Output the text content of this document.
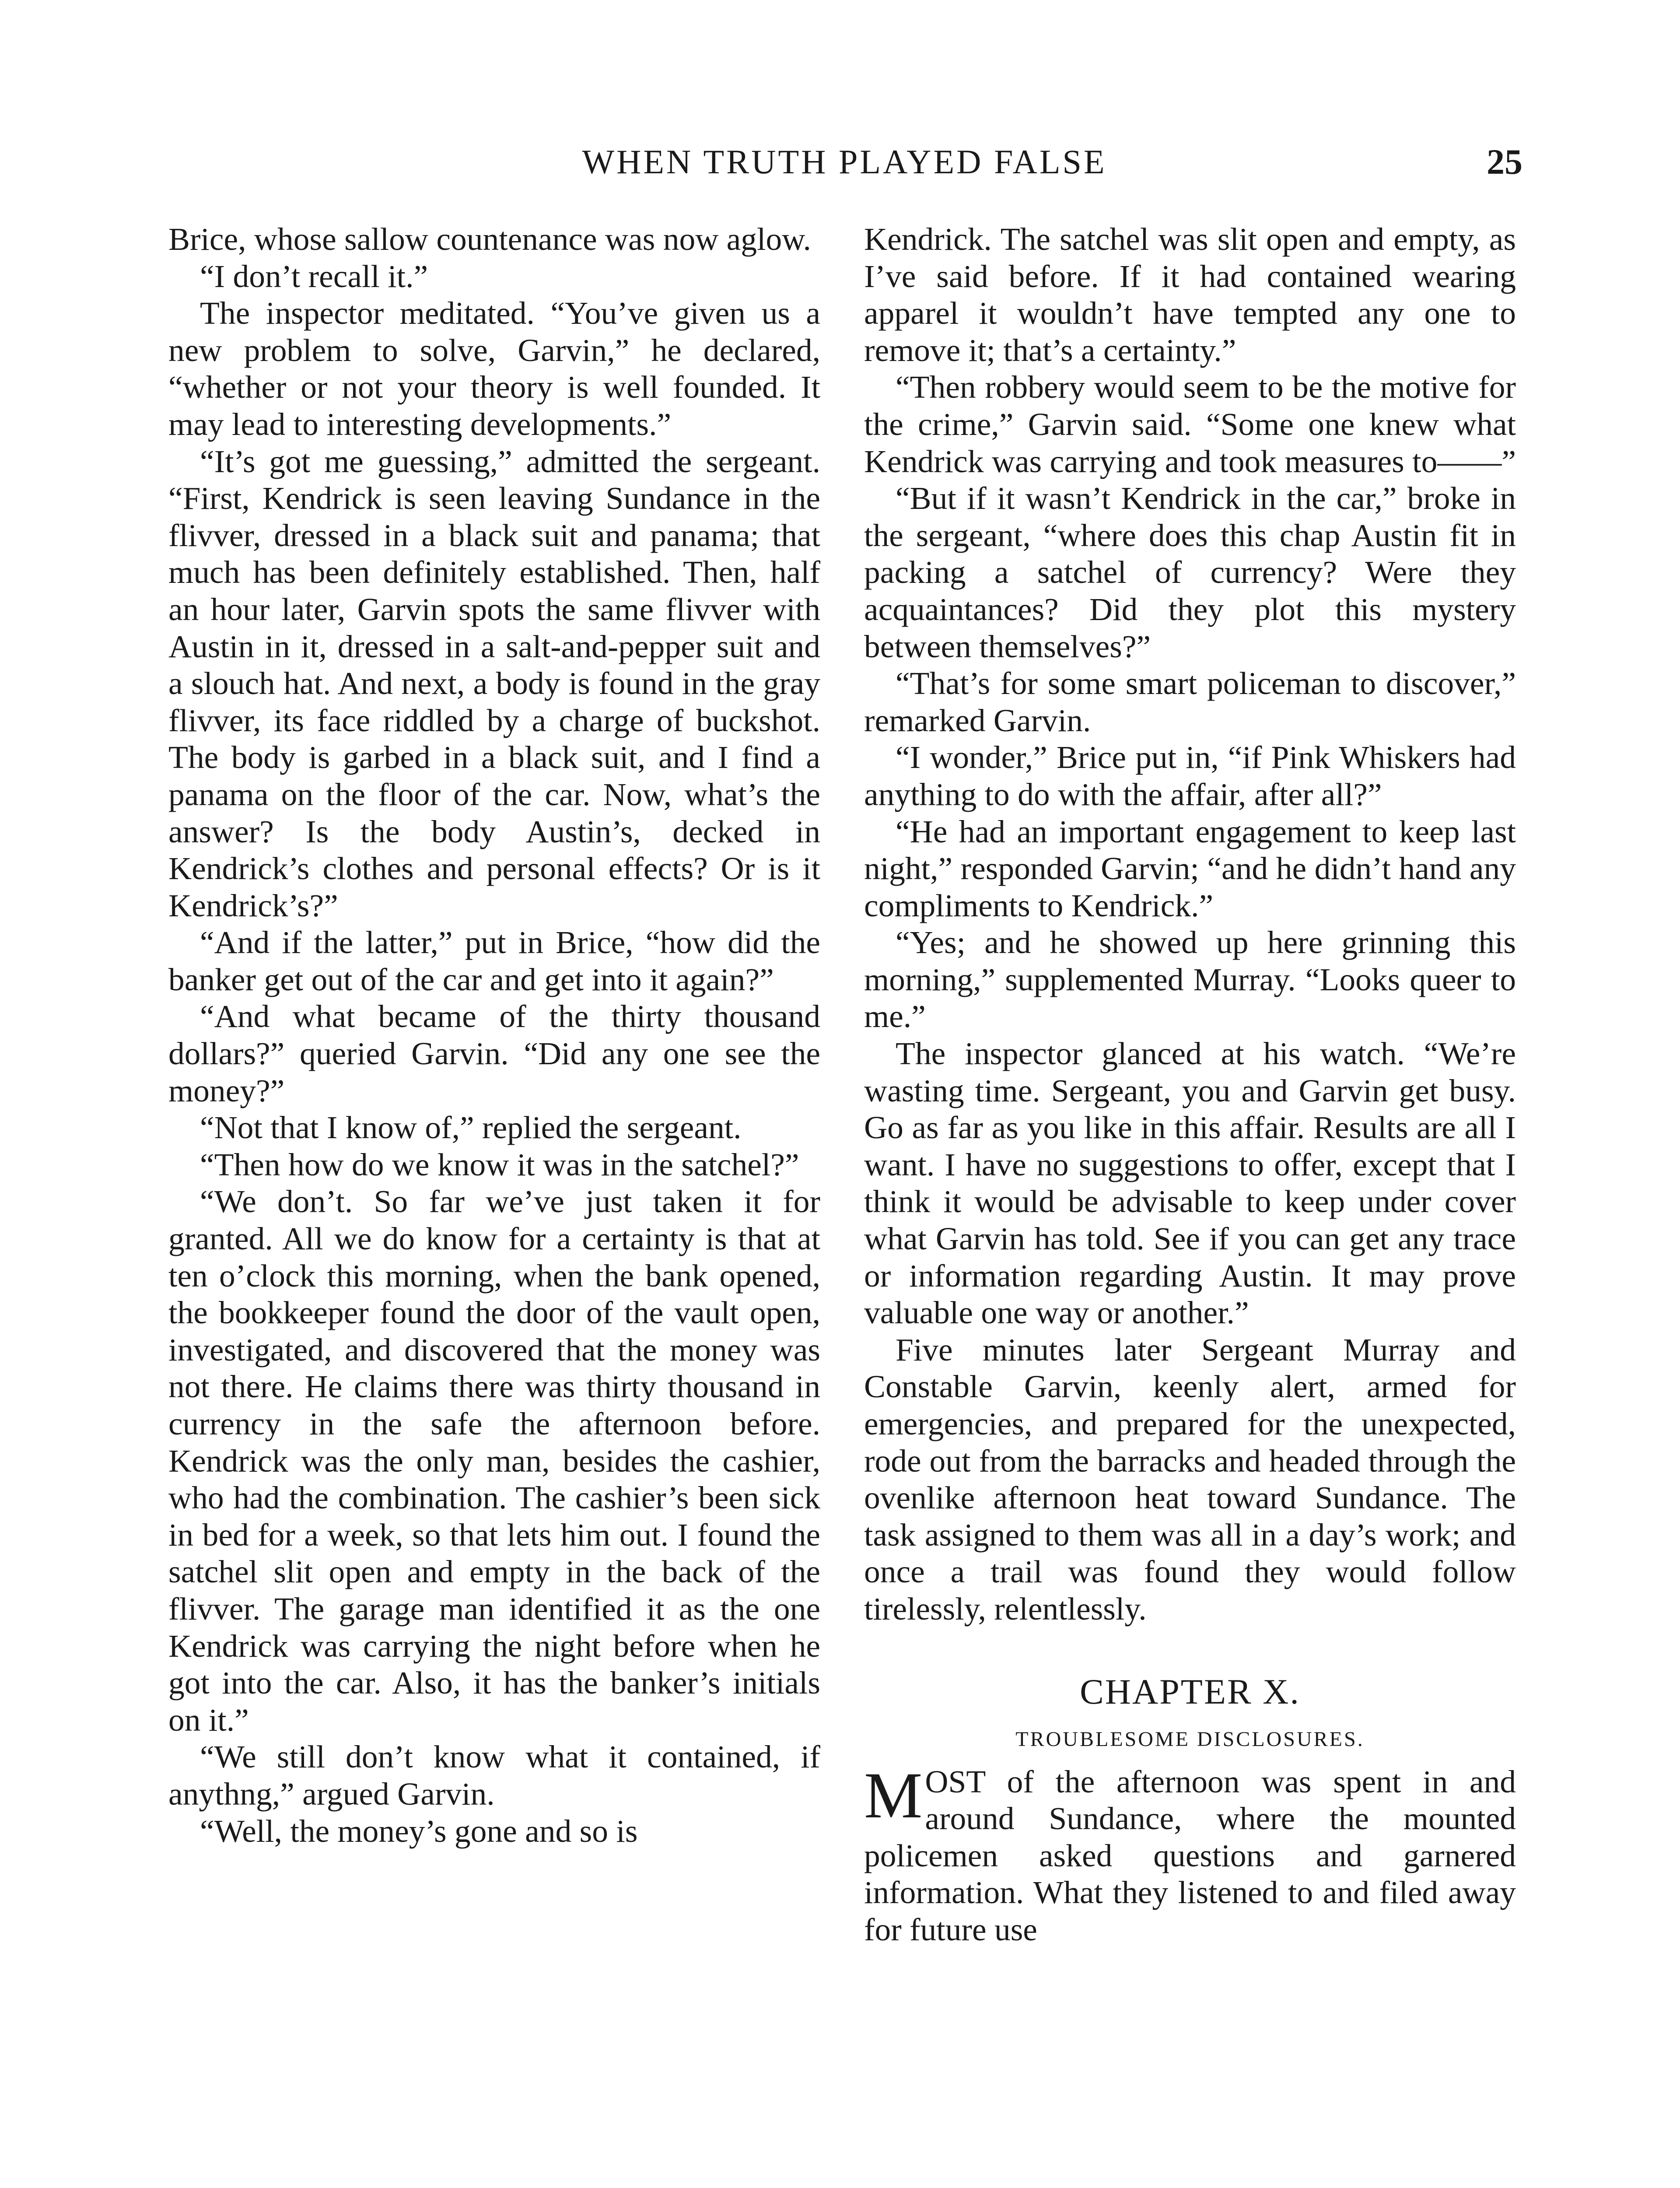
WHEN TRUTH PLAYED FALSE	25

Brice, whose sallow countenance was now aglow.

“I don’t recall it.”

The inspector meditated. “You’ve given us a new problem to solve, Garvin,” he declared, “whether or not your theory is well founded. It may lead to interesting developments.”

“It’s got me guessing,” admitted the sergeant. “First, Kendrick is seen leaving Sundance in the flivver, dressed in a black suit and panama; that much has been definitely established. Then, half an hour later, Garvin spots the same flivver with Austin in it, dressed in a salt-and-pepper suit and a slouch hat. And next, a body is found in the gray flivver, its face riddled by a charge of buckshot. The body is garbed in a black suit, and I find a panama on the floor of the car. Now, what’s the answer? Is the body Austin’s, decked in Kendrick’s clothes and personal effects? Or is it Kendrick’s?”

“And if the latter,” put in Brice, “how did the banker get out of the car and get into it again?”

“And what became of the thirty thousand dollars?” queried Garvin. “Did any one see the money?”

“Not that I know of,” replied the sergeant.

“Then how do we know it was in the satchel?”

“We don’t. So far we’ve just taken it for granted. All we do know for a certainty is that at ten o’clock this morning, when the bank opened, the bookkeeper found the door of the vault open, investigated, and discovered that the money was not there. He claims there was thirty thousand in currency in the safe the afternoon before. Kendrick was the only man, besides the cashier, who had the combination. The cashier’s been sick in bed for a week, so that lets him out. I found the satchel slit open and empty in the back of the flivver. The garage man identified it as the one Kendrick was carrying the night before when he got into the car. Also, it has the banker’s initials on it.”

“We still don’t know what it contained, if anythng,” argued Garvin.

“Well, the money’s gone and so is

Kendrick. The satchel was slit open and empty, as I’ve said before. If it had contained wearing apparel it wouldn’t have tempted any one to remove it; that’s a certainty.”

“Then robbery would seem to be the motive for the crime,” Garvin said. “Some one knew what Kendrick was carrying and took measures to——”

“But if it wasn’t Kendrick in the car,” broke in the sergeant, “where does this chap Austin fit in packing a satchel of currency? Were they acquaintances? Did they plot this mystery between themselves?”

“That’s for some smart policeman to discover,” remarked Garvin.

“I wonder,” Brice put in, “if Pink Whiskers had anything to do with the affair, after all?”

“He had an important engagement to keep last night,” responded Garvin; “and he didn’t hand any compliments to Kendrick.”

“Yes; and he showed up here grinning this morning,” supplemented Murray. “Looks queer to me.”

The inspector glanced at his watch. “We’re wasting time. Sergeant, you and Garvin get busy. Go as far as you like in this affair. Results are all I want. I have no suggestions to offer, except that I think it would be advisable to keep under cover what Garvin has told. See if you can get any trace or information regarding Austin. It may prove valuable one way or another.”

Five minutes later Sergeant Murray and Constable Garvin, keenly alert, armed for emergencies, and prepared for the unexpected, rode out from the barracks and headed through the ovenlike afternoon heat toward Sundance. The task assigned to them was all in a day’s work; and once a trail was found they would follow tirelessly, relentlessly.

CHAPTER X.
TROUBLESOME DISCLOSURES.

MOST of the afternoon was spent in and around Sundance, where the mounted policemen asked questions and garnered information. What they listened to and filed away for future use
